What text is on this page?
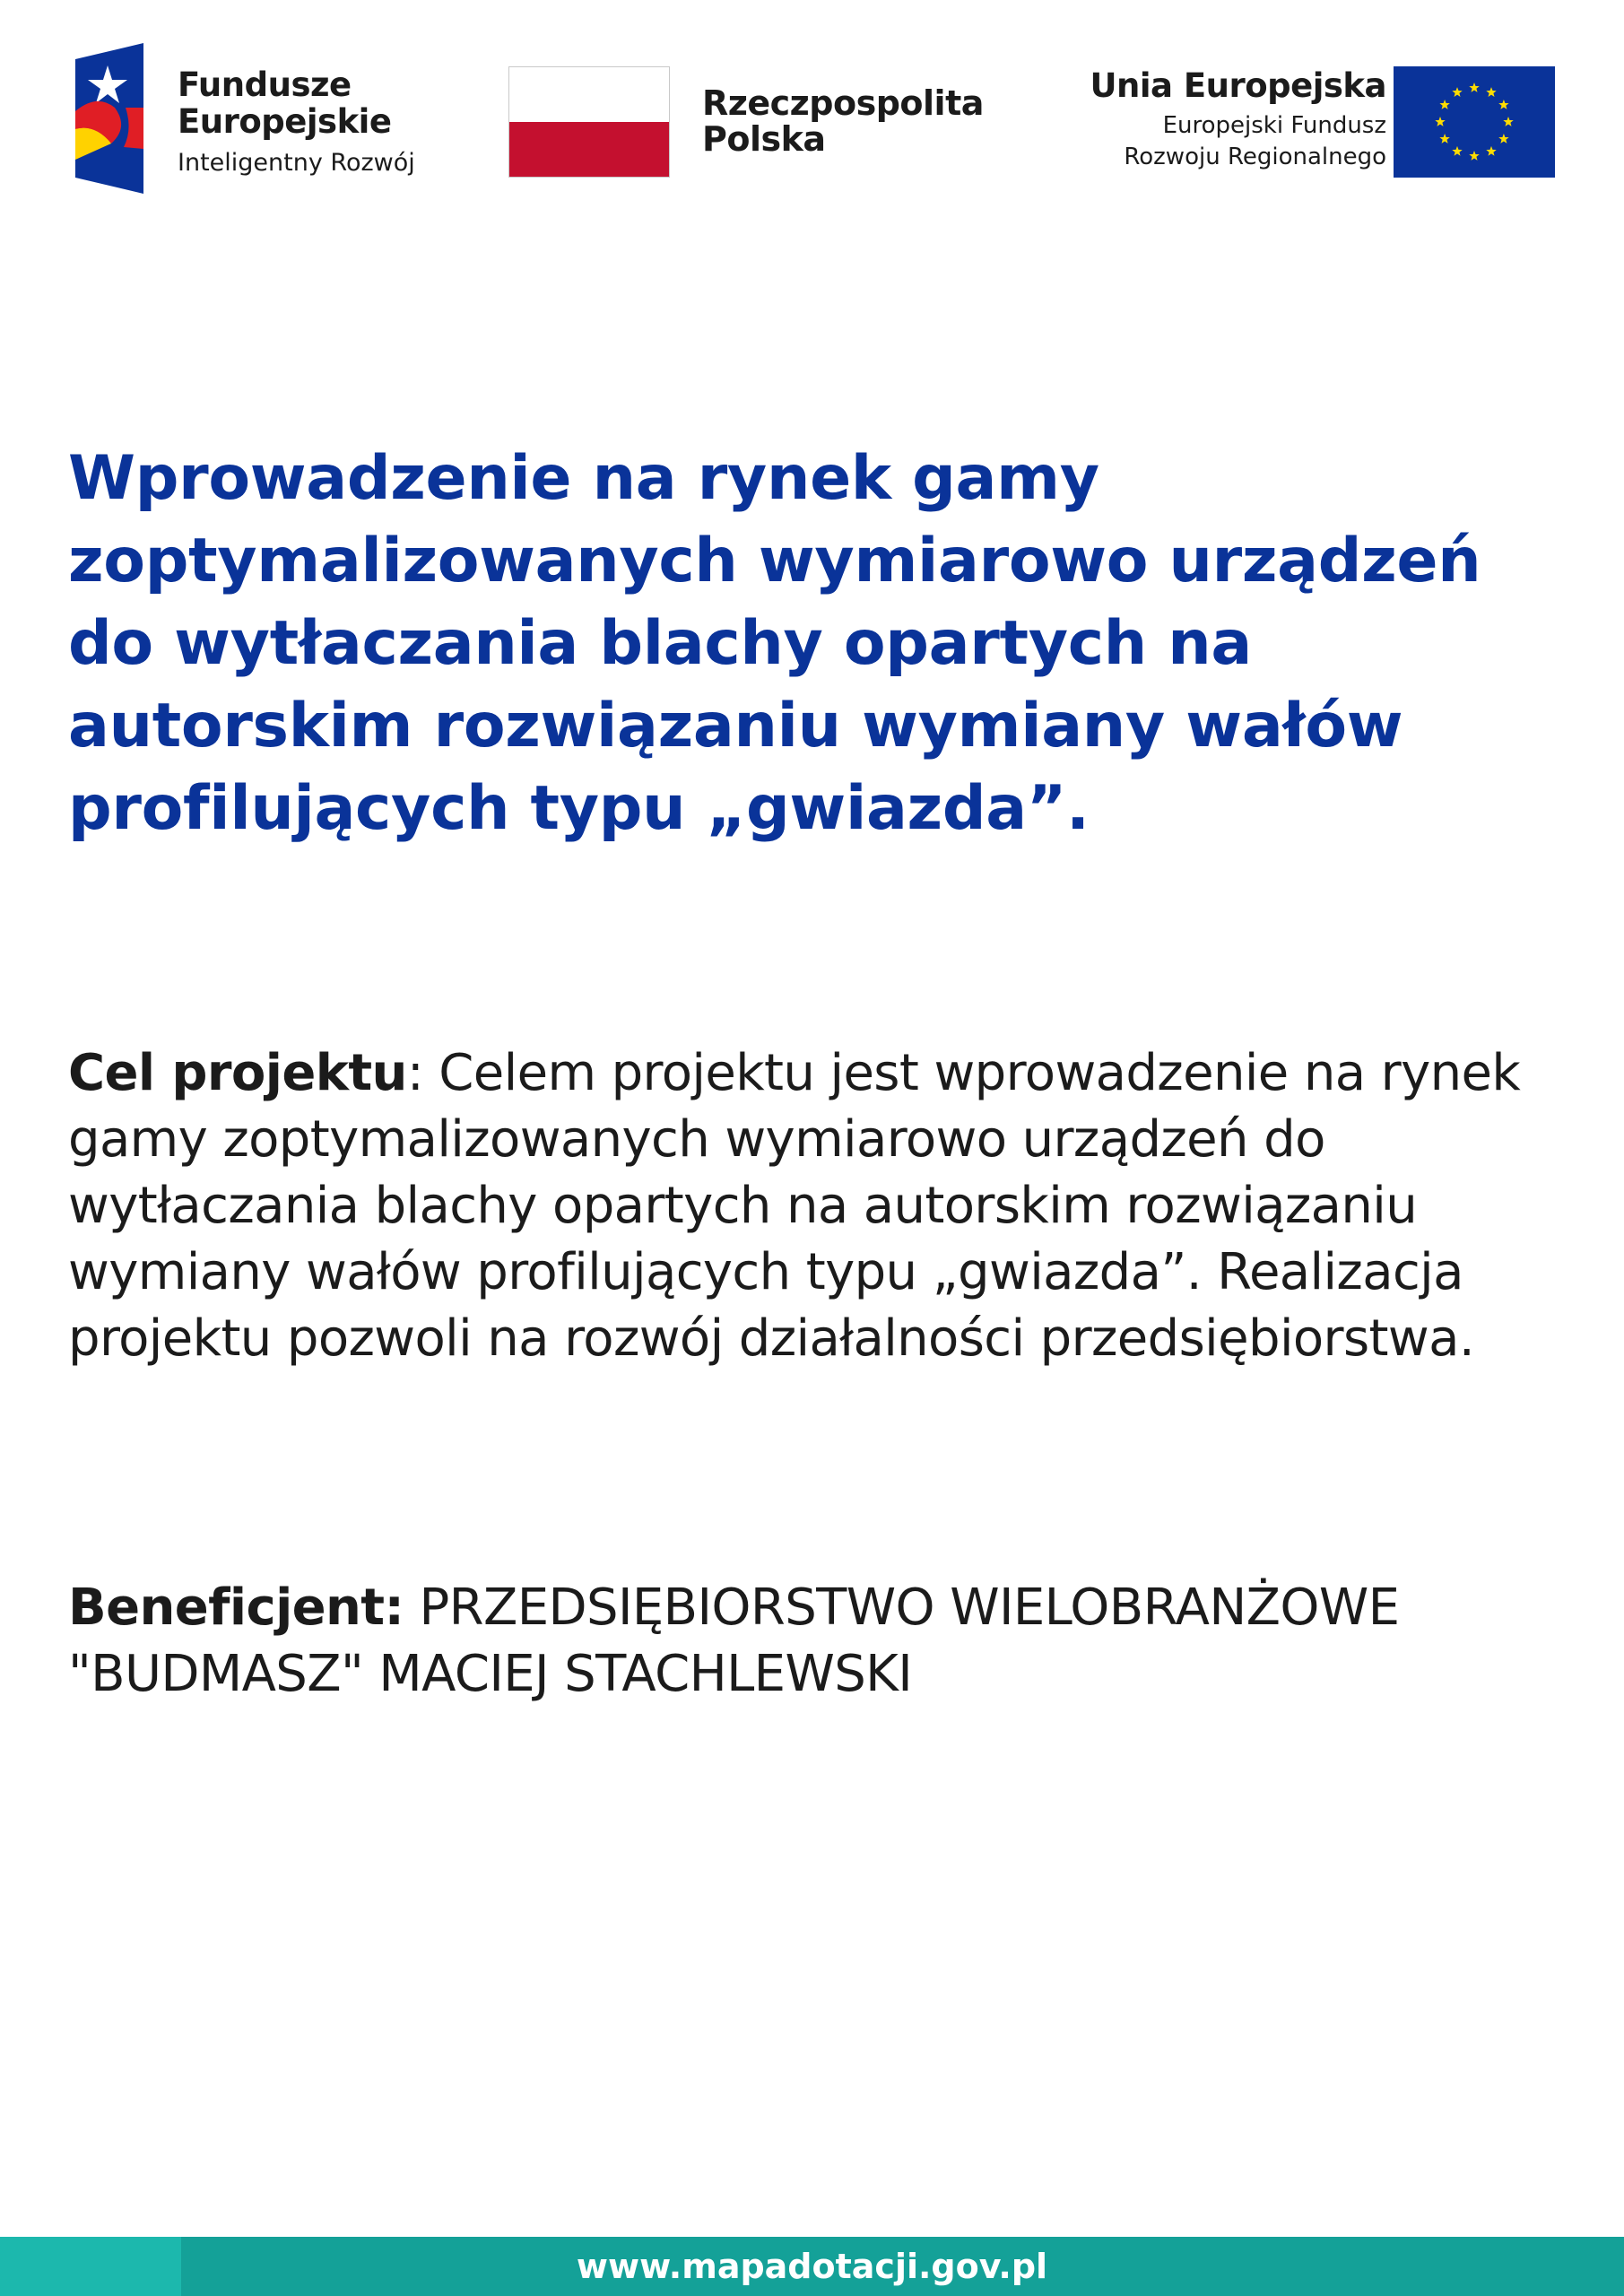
Fundusze
Europejskie
Inteligentny Rozwój
Rzeczpospolita
Polska
Unia Europejska
Europejski Fundusz
Rozwoju Regionalnego
Wprowadzenie na rynek gamy zoptymalizowanych wymiarowo urządzeń do wytłaczania blachy opartych na autorskim rozwiązaniu wymiany wałów profilujących typu „gwiazda”.

Cel projektu: Celem projektu jest wprowadzenie na rynek gamy zoptymalizowanych wymiarowo urządzeń do wytłaczania blachy opartych na autorskim rozwiązaniu wymiany wałów profilujących typu „gwiazda”. Realizacja projektu pozwoli na rozwój działalności przedsiębiorstwa.

Beneficjent: PRZEDSIĘBIORSTWO WIELOBRANŻOWE "BUDMASZ" MACIEJ STACHLEWSKI

www.mapadotacji.gov.pl
